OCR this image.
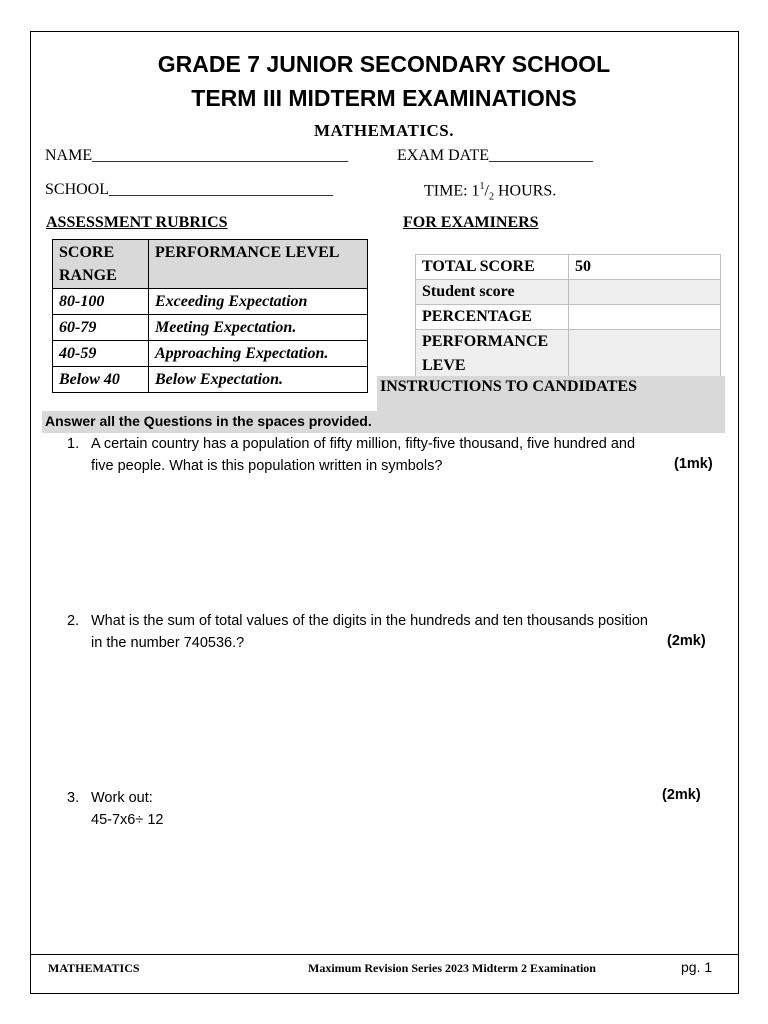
GRADE 7 JUNIOR SECONDARY SCHOOL
TERM III MIDTERM EXAMINATIONS
MATHEMATICS.
NAME________________________________	EXAM DATE_____________
SCHOOL____________________________	TIME: $1^1/_2$ HOURS.
ASSESSMENT RUBRICS	FOR EXAMINERS
SCORE RANGE	PERFORMANCE LEVEL
80-100	Exceeding Expectation
60-79	Meeting Expectation.
40-59	Approaching Expectation.
Below 40	Below Expectation.
TOTAL SCORE	50
Student score	
PERCENTAGE	
PERFORMANCE LEVE	
INSTRUCTIONS TO CANDIDATES
Answer all the Questions in the spaces provided.
1. A certain country has a population of fifty million, fifty-five thousand, five hundred and
five people. What is this population written in symbols?	(1mk)
2. What is the sum of total values of the digits in the hundreds and ten thousands position
in the number 740536.?	(2mk)
3. Work out:
45-7x6÷ 12
(2mk)
MATHEMATICS	Maximum Revision Series 2023 Midterm 2 Examination	pg. 1
